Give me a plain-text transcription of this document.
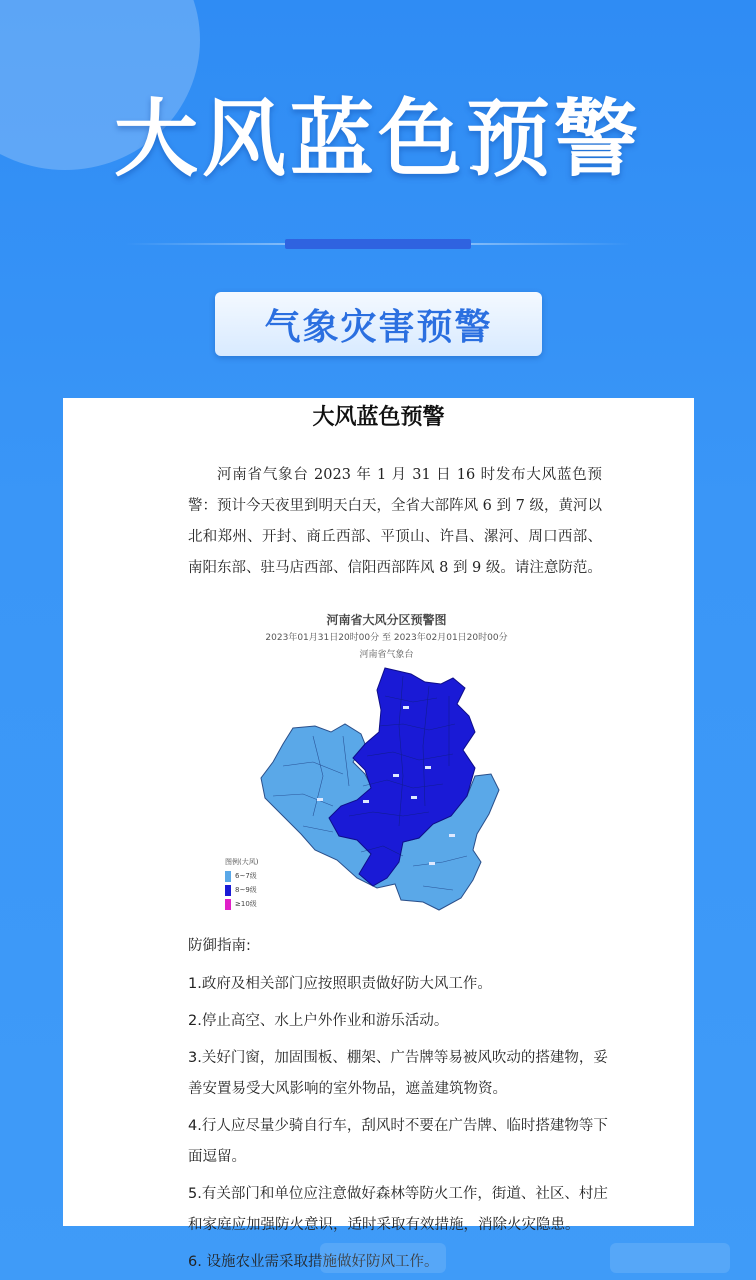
大风蓝色预警
气象灾害预警
大风蓝色预警
河南省气象台 2023 年 1 月 31 日 16 时发布大风蓝色预警：预计今天夜里到明天白天，全省大部阵风 6 到 7 级，黄河以北和郑州、开封、商丘西部、平顶山、许昌、漯河、周口西部、南阳东部、驻马店西部、信阳西部阵风 8 到 9 级。请注意防范。
河南省大风分区预警图
2023年01月31日20时00分 至 2023年02月01日20时00分
河南省气象台
图例(大风)
6~7级
8~9级
≥10级

防御指南:

1.政府及相关部门应按照职责做好防大风工作。

2.停止高空、水上户外作业和游乐活动。

3.关好门窗，加固围板、棚架、广告牌等易被风吹动的搭建物，妥善安置易受大风影响的室外物品，遮盖建筑物资。

4.行人应尽量少骑自行车，刮风时不要在广告牌、临时搭建物等下面逗留。

5.有关部门和单位应注意做好森林等防火工作，街道、社区、村庄和家庭应加强防火意识，适时采取有效措施，消除火灾隐患。

6. 设施农业需采取措施做好防风工作。
